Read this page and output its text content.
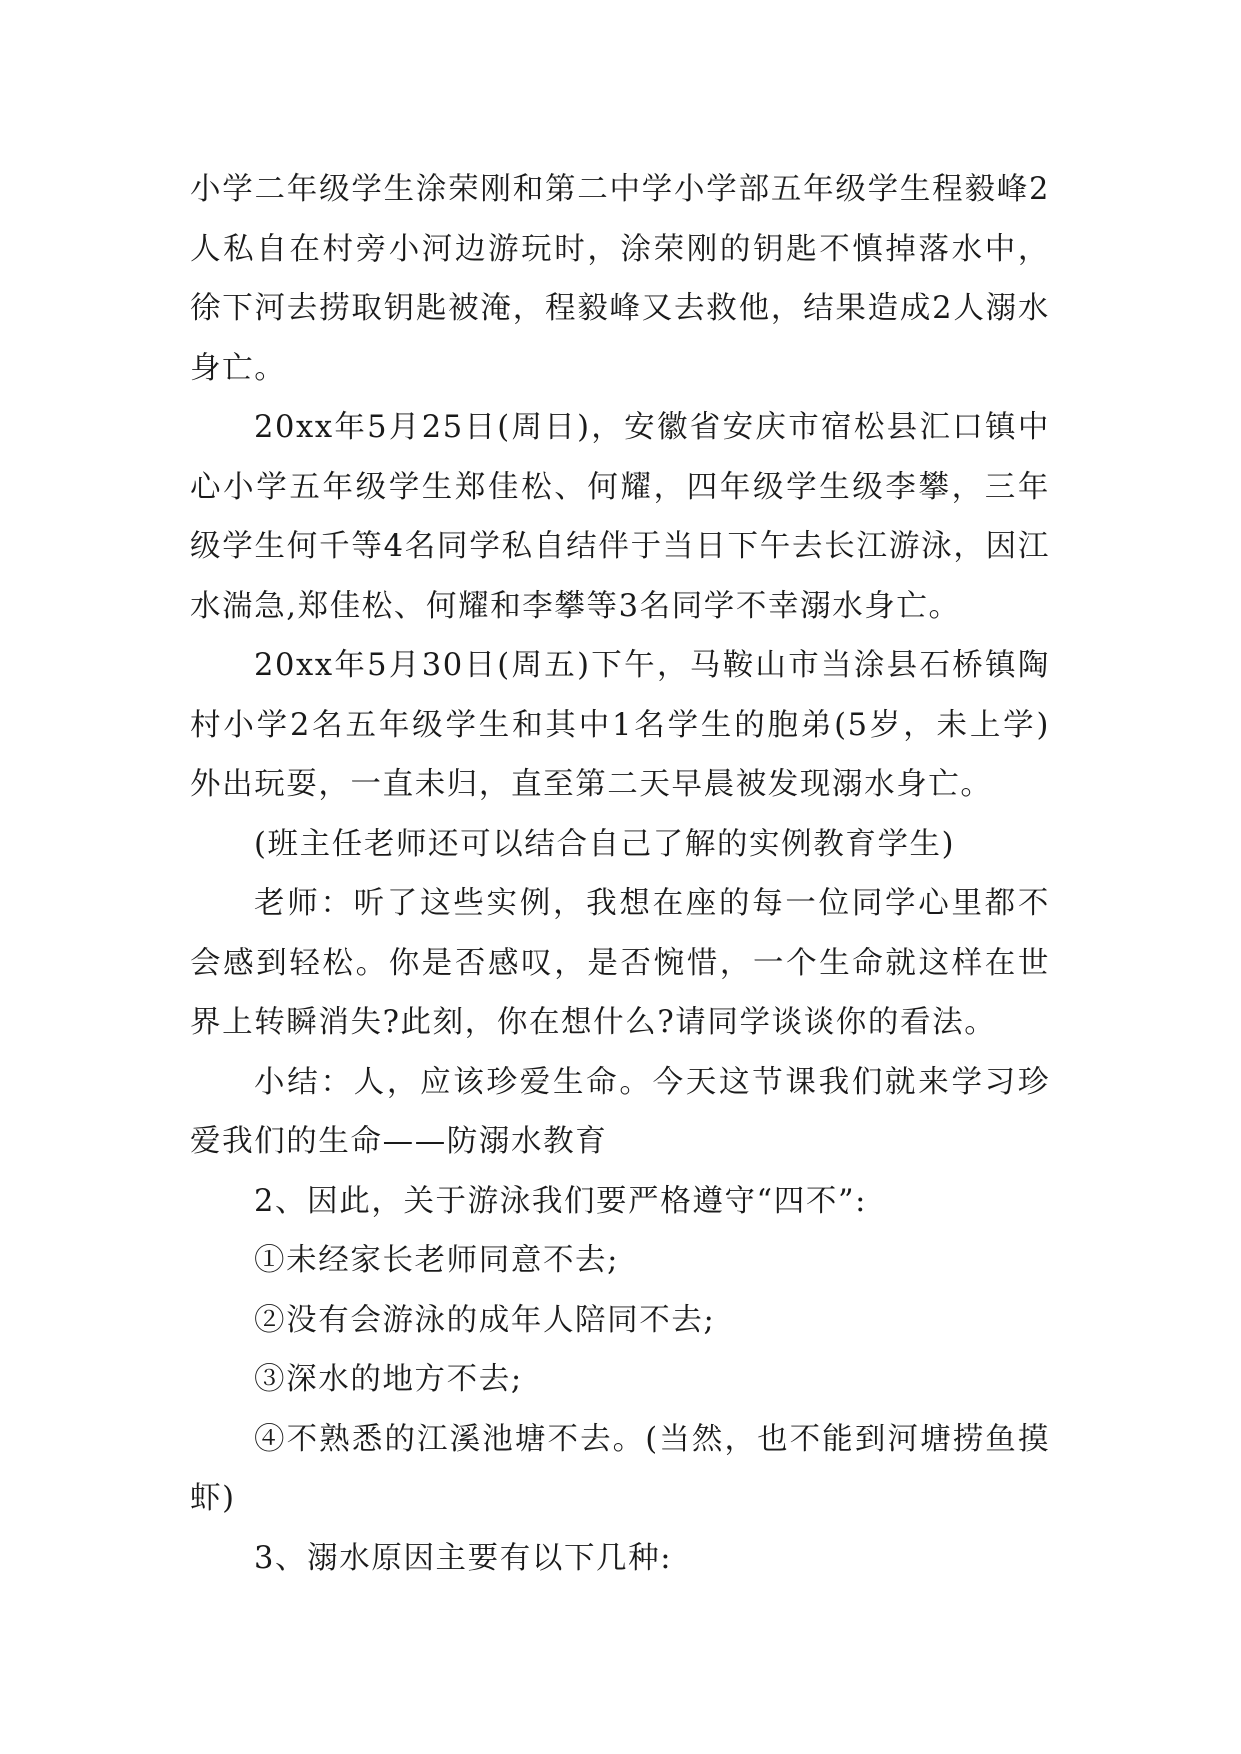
小学二年级学生涂荣刚和第二中学小学部五年级学生程毅峰2人私自在村旁小河边游玩时，涂荣刚的钥匙不慎掉落水中，徐下河去捞取钥匙被淹，程毅峰又去救他，结果造成2人溺水身亡。

20xx年5月25日(周日)，安徽省安庆市宿松县汇口镇中心小学五年级学生郑佳松、何耀，四年级学生级李攀，三年级学生何千等4名同学私自结伴于当日下午去长江游泳，因江水湍急,郑佳松、何耀和李攀等3名同学不幸溺水身亡。

20xx年5月30日(周五)下午，马鞍山市当涂县石桥镇陶村小学2名五年级学生和其中1名学生的胞弟(5岁，未上学)外出玩耍，一直未归，直至第二天早晨被发现溺水身亡。

(班主任老师还可以结合自己了解的实例教育学生)

老师：听了这些实例，我想在座的每一位同学心里都不会感到轻松。你是否感叹，是否惋惜，一个生命就这样在世界上转瞬消失?此刻，你在想什么?请同学谈谈你的看法。

小结：人，应该珍爱生命。今天这节课我们就来学习珍爱我们的生命——防溺水教育

2、因此，关于游泳我们要严格遵守“四不”:

①未经家长老师同意不去;

②没有会游泳的成年人陪同不去;

③深水的地方不去;

④不熟悉的江溪池塘不去。(当然，也不能到河塘捞鱼摸虾)

3、溺水原因主要有以下几种:
